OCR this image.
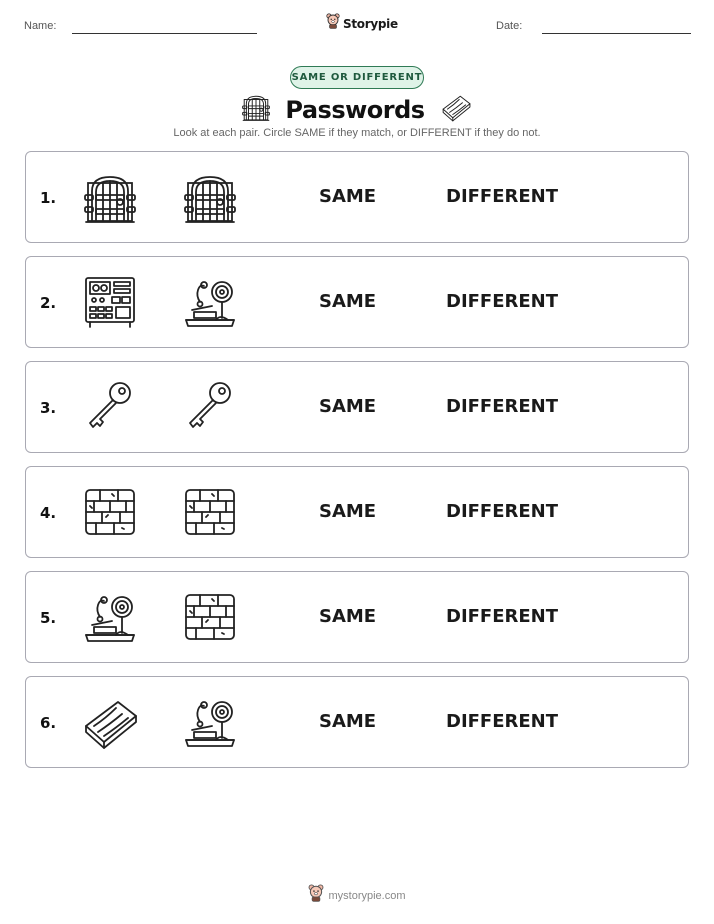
Name:	Storypie	Date:
SAME OR DIFFERENT
Passwords
Look at each pair. Circle SAME if they match, or DIFFERENT if they do not.
1.	SAME	DIFFERENT
2.	SAME	DIFFERENT
3.	SAME	DIFFERENT
4.	SAME	DIFFERENT
5.	SAME	DIFFERENT
6.	SAME	DIFFERENT
mystorypie.com
